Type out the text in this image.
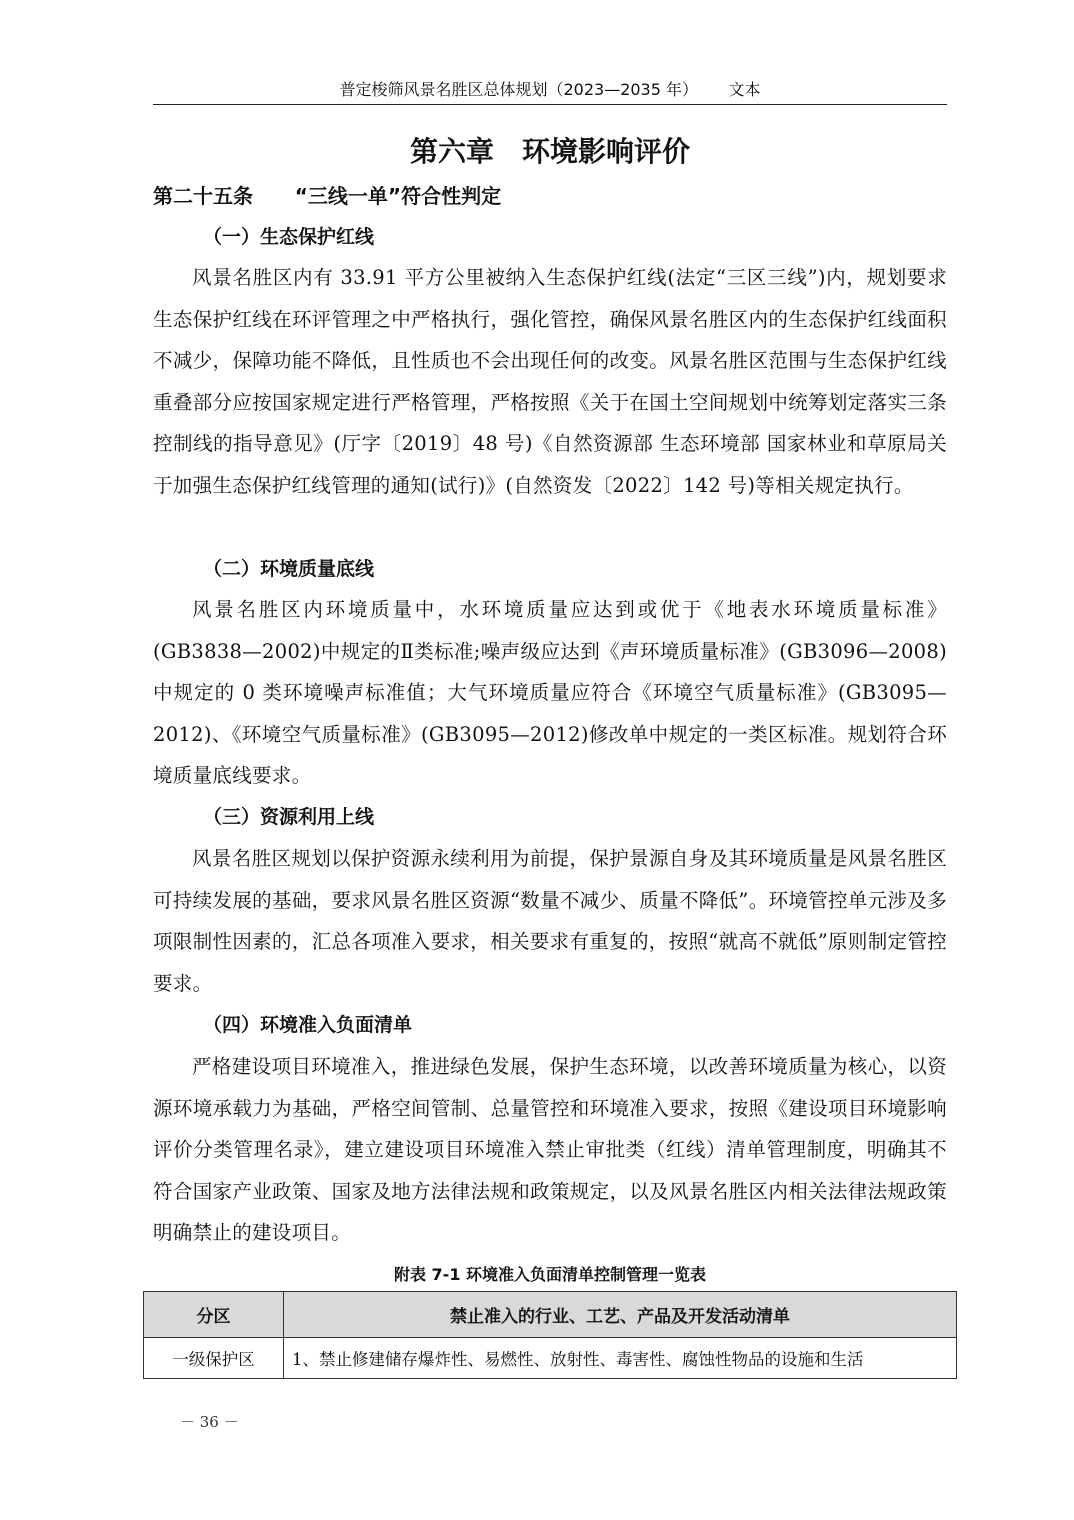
普定梭筛风景名胜区总体规划（2023—2035 年） 文本
第六章　环境影响评价
第二十五条 “三线一单”符合性判定
（一）生态保护红线
风景名胜区内有 33.91 平方公里被纳入生态保护红线(法定“三区三线”)内，规划要求生态保护红线在环评管理之中严格执行，强化管控，确保风景名胜区内的生态保护红线面积不减少，保障功能不降低，且性质也不会出现任何的改变。风景名胜区范围与生态保护红线重叠部分应按国家规定进行严格管理，严格按照《关于在国土空间规划中统筹划定落实三条控制线的指导意见》(厅字〔2019〕48 号)《自然资源部 生态环境部 国家林业和草原局关于加强生态保护红线管理的通知(试行)》(自然资发〔2022〕142 号)等相关规定执行。
（二）环境质量底线
风景名胜区内环境质量中，水环境质量应达到或优于《地表水环境质量标准》(GB3838—2002)中规定的Ⅱ类标准;噪声级应达到《声环境质量标准》(GB3096—2008)中规定的 0 类环境噪声标准值；大气环境质量应符合《环境空气质量标准》(GB3095—2012)、《环境空气质量标准》(GB3095—2012)修改单中规定的一类区标准。规划符合环境质量底线要求。
（三）资源利用上线
风景名胜区规划以保护资源永续利用为前提，保护景源自身及其环境质量是风景名胜区可持续发展的基础，要求风景名胜区资源“数量不减少、质量不降低”。环境管控单元涉及多项限制性因素的，汇总各项准入要求，相关要求有重复的，按照“就高不就低”原则制定管控要求。
（四）环境准入负面清单
严格建设项目环境准入，推进绿色发展，保护生态环境，以改善环境质量为核心，以资源环境承载力为基础，严格空间管制、总量管控和环境准入要求，按照《建设项目环境影响评价分类管理名录》，建立建设项目环境准入禁止审批类（红线）清单管理制度，明确其不符合国家产业政策、国家及地方法律法规和政策规定，以及风景名胜区内相关法律法规政策明确禁止的建设项目。
附表 7-1 环境准入负面清单控制管理一览表
分区	禁止准入的行业、工艺、产品及开发活动清单
一级保护区	1、禁止修建储存爆炸性、易燃性、放射性、毒害性、腐蚀性物品的设施和生活
－ 36 －
